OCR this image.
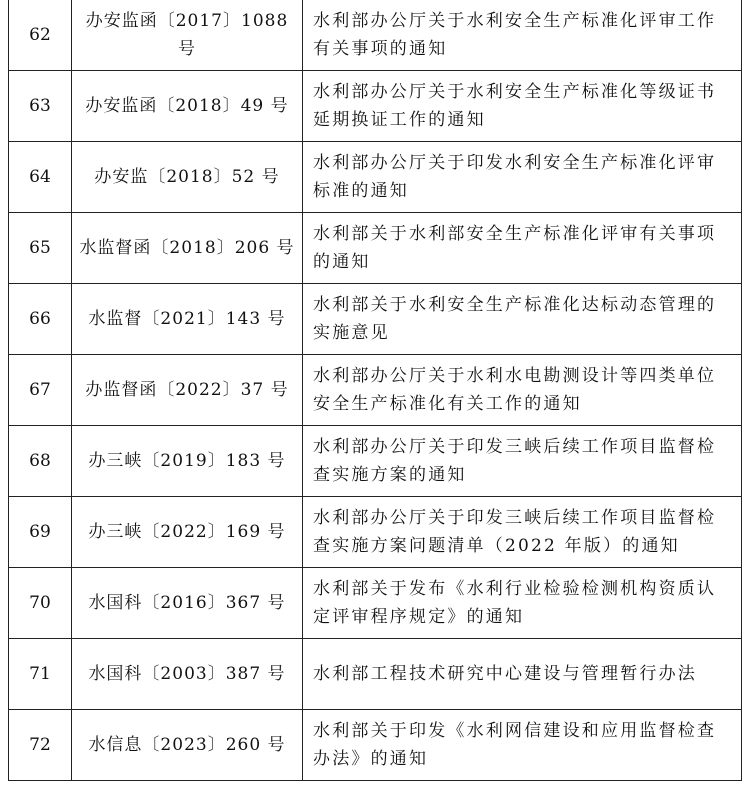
62	办安监函〔2017〕1088号	水利部办公厅关于水利安全生产标准化评审工作有关事项的通知
63	办安监函〔2018〕49 号	水利部办公厅关于水利安全生产标准化等级证书延期换证工作的通知
64	办安监〔2018〕52 号	水利部办公厅关于印发水利安全生产标准化评审标准的通知
65	水监督函〔2018〕206 号	水利部关于水利部安全生产标准化评审有关事项的通知
66	水监督〔2021〕143 号	水利部关于水利安全生产标准化达标动态管理的实施意见
67	办监督函〔2022〕37 号	水利部办公厅关于水利水电勘测设计等四类单位安全生产标准化有关工作的通知
68	办三峡〔2019〕183 号	水利部办公厅关于印发三峡后续工作项目监督检查实施方案的通知
69	办三峡〔2022〕169 号	水利部办公厅关于印发三峡后续工作项目监督检查实施方案问题清单（2022 年版）的通知
70	水国科〔2016〕367 号	水利部关于发布《水利行业检验检测机构资质认定评审程序规定》的通知
71	水国科〔2003〕387 号	水利部工程技术研究中心建设与管理暂行办法
72	水信息〔2023〕260 号	水利部关于印发《水利网信建设和应用监督检查办法》的通知
